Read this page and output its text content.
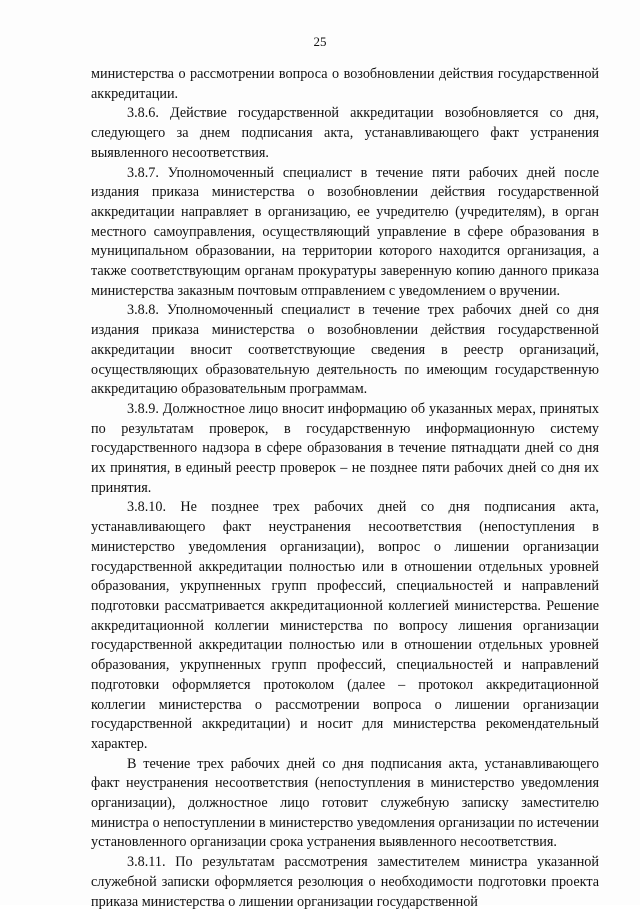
25

министерства о рассмотрении вопроса о возобновлении действия государственной аккредитации.

3.8.6. Действие государственной аккредитации возобновляется со дня, следующего за днем подписания акта, устанавливающего факт устранения выявленного несоответствия.

3.8.7. Уполномоченный специалист в течение пяти рабочих дней после издания приказа министерства о возобновлении действия государственной аккредитации направляет в организацию, ее учредителю (учредителям), в орган местного самоуправления, осуществляющий управление в сфере образования в муниципальном образовании, на территории которого находится организация, а также соответствующим органам прокуратуры заверенную копию данного приказа министерства заказным почтовым отправлением с уведомлением о вручении.

3.8.8. Уполномоченный специалист в течение трех рабочих дней со дня издания приказа министерства о возобновлении действия государственной аккредитации вносит соответствующие сведения в реестр организаций, осуществляющих образовательную деятельность по имеющим государственную аккредитацию образовательным программам.

3.8.9. Должностное лицо вносит информацию об указанных мерах, принятых по результатам проверок, в государственную информационную систему государственного надзора в сфере образования в течение пятнадцати дней со дня их принятия, в единый реестр проверок – не позднее пяти рабочих дней со дня их принятия.

3.8.10. Не позднее трех рабочих дней со дня подписания акта, устанавливающего факт неустранения несоответствия (непоступления в министерство уведомления организации), вопрос о лишении организации государственной аккредитации полностью или в отношении отдельных уровней образования, укрупненных групп профессий, специальностей и направлений подготовки рассматривается аккредитационной коллегией министерства. Решение аккредитационной коллегии министерства по вопросу лишения организации государственной аккредитации полностью или в отношении отдельных уровней образования, укрупненных групп профессий, специальностей и направлений подготовки оформляется протоколом (далее – протокол аккредитационной коллегии министерства о рассмотрении вопроса о лишении организации государственной аккредитации) и носит для министерства рекомендательный характер.

В течение трех рабочих дней со дня подписания акта, устанавливающего факт неустранения несоответствия (непоступления в министерство уведомления организации), должностное лицо готовит служебную записку заместителю министра о непоступлении в министерство уведомления организации по истечении установленного организации срока устранения выявленного несоответствия.

3.8.11. По результатам рассмотрения заместителем министра указанной служебной записки оформляется резолюция о необходимости подготовки проекта приказа министерства о лишении организации государственной
